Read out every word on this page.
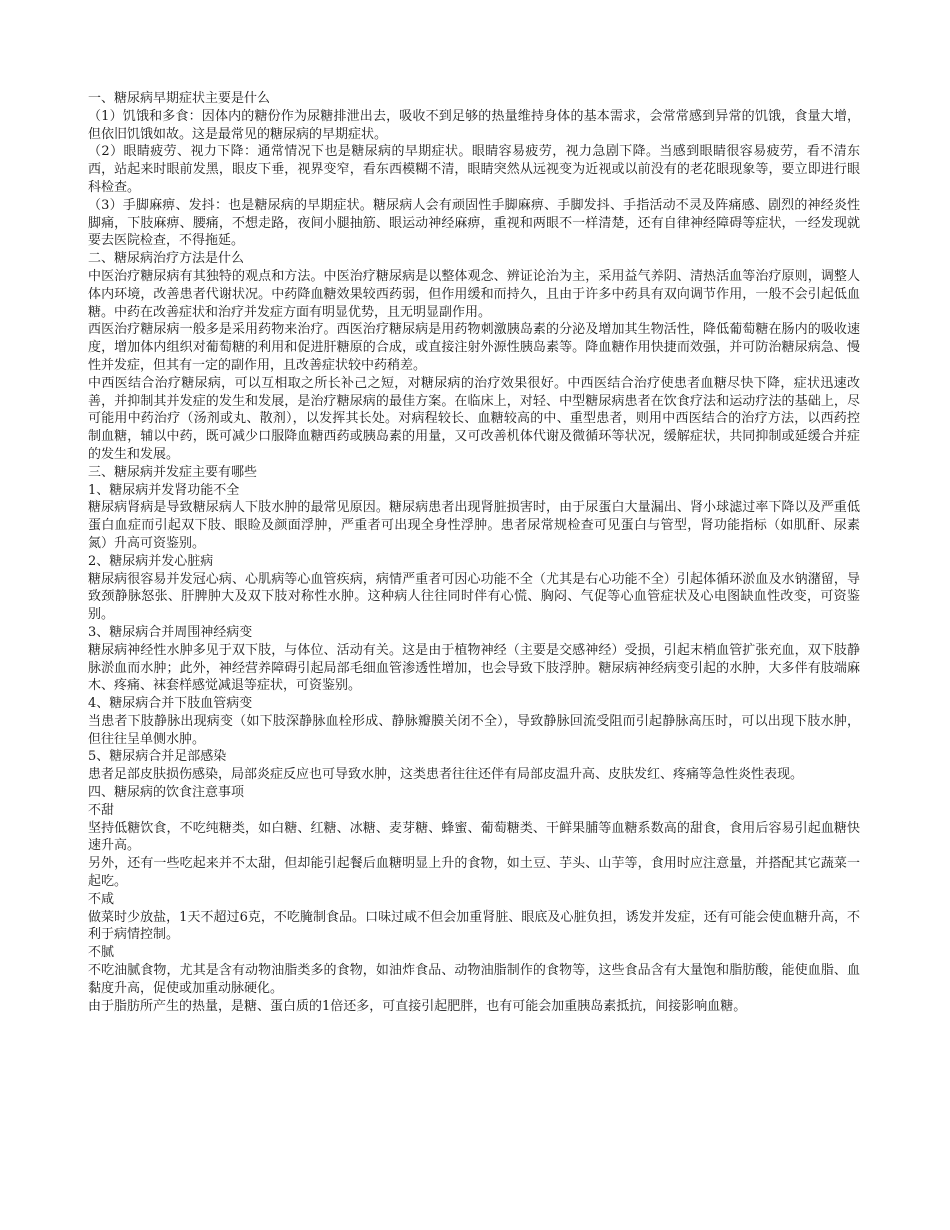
一、糖尿病早期症状主要是什么

（1）饥饿和多食：因体内的糖份作为尿糖排泄出去，吸收不到足够的热量维持身体的基本需求，会常常感到异常的饥饿，食量大增，但依旧饥饿如故。这是最常见的糖尿病的早期症状。

（2）眼睛疲劳、视力下降：通常情况下也是糖尿病的早期症状。眼睛容易疲劳，视力急剧下降。当感到眼睛很容易疲劳，看不清东西，站起来时眼前发黑，眼皮下垂，视界变窄，看东西模糊不清，眼睛突然从远视变为近视或以前没有的老花眼现象等，要立即进行眼科检查。

（3）手脚麻痹、发抖：也是糖尿病的早期症状。糖尿病人会有顽固性手脚麻痹、手脚发抖、手指活动不灵及阵痛感、剧烈的神经炎性脚痛，下肢麻痹、腰痛，不想走路，夜间小腿抽筋、眼运动神经麻痹，重视和两眼不一样清楚，还有自律神经障碍等症状，一经发现就要去医院检查，不得拖延。

二、糖尿病治疗方法是什么

中医治疗糖尿病有其独特的观点和方法。中医治疗糖尿病是以整体观念、辨证论治为主，采用益气养阴、清热活血等治疗原则，调整人体内环境，改善患者代谢状况。中药降血糖效果较西药弱，但作用缓和而持久，且由于许多中药具有双向调节作用，一般不会引起低血糖。中药在改善症状和治疗并发症方面有明显优势，且无明显副作用。

西医治疗糖尿病一般多是采用药物来治疗。西医治疗糖尿病是用药物刺激胰岛素的分泌及增加其生物活性，降低葡萄糖在肠内的吸收速度，增加体内组织对葡萄糖的利用和促进肝糖原的合成，或直接注射外源性胰岛素等。降血糖作用快捷而效强，并可防治糖尿病急、慢性并发症，但其有一定的副作用，且改善症状较中药稍差。

中西医结合治疗糖尿病，可以互相取之所长补己之短，对糖尿病的治疗效果很好。中西医结合治疗使患者血糖尽快下降，症状迅速改善，并抑制其并发症的发生和发展，是治疗糖尿病的最佳方案。在临床上，对轻、中型糖尿病患者在饮食疗法和运动疗法的基础上，尽可能用中药治疗（汤剂或丸、散剂），以发挥其长处。对病程较长、血糖较高的中、重型患者，则用中西医结合的治疗方法，以西药控制血糖，辅以中药，既可减少口服降血糖西药或胰岛素的用量，又可改善机体代谢及微循环等状况，缓解症状，共同抑制或延缓合并症的发生和发展。

三、糖尿病并发症主要有哪些
1、糖尿病并发肾功能不全

糖尿病肾病是导致糖尿病人下肢水肿的最常见原因。糖尿病患者出现肾脏损害时，由于尿蛋白大量漏出、肾小球滤过率下降以及严重低蛋白血症而引起双下肢、眼睑及颜面浮肿，严重者可出现全身性浮肿。患者尿常规检查可见蛋白与管型，肾功能指标（如肌酐、尿素氮）升高可资鉴别。

2、糖尿病并发心脏病

糖尿病很容易并发冠心病、心肌病等心血管疾病，病情严重者可因心功能不全（尤其是右心功能不全）引起体循环淤血及水钠潴留，导致颈静脉怒张、肝脾肿大及双下肢对称性水肿。这种病人往往同时伴有心慌、胸闷、气促等心血管症状及心电图缺血性改变，可资鉴别。

3、糖尿病合并周围神经病变

糖尿病神经性水肿多见于双下肢，与体位、活动有关。这是由于植物神经（主要是交感神经）受损，引起末梢血管扩张充血，双下肢静脉淤血而水肿；此外，神经营养障碍引起局部毛细血管渗透性增加，也会导致下肢浮肿。糖尿病神经病变引起的水肿，大多伴有肢端麻木、疼痛、袜套样感觉减退等症状，可资鉴别。

4、糖尿病合并下肢血管病变

当患者下肢静脉出现病变（如下肢深静脉血栓形成、静脉瓣膜关闭不全），导致静脉回流受阻而引起静脉高压时，可以出现下肢水肿，但往往呈单侧水肿。

5、糖尿病合并足部感染

患者足部皮肤损伤感染，局部炎症反应也可导致水肿，这类患者往往还伴有局部皮温升高、皮肤发红、疼痛等急性炎性表现。

四、糖尿病的饮食注意事项
不甜

坚持低糖饮食，不吃纯糖类，如白糖、红糖、冰糖、麦芽糖、蜂蜜、葡萄糖类、干鲜果脯等血糖系数高的甜食，食用后容易引起血糖快速升高。

另外，还有一些吃起来并不太甜，但却能引起餐后血糖明显上升的食物，如土豆、芋头、山芋等，食用时应注意量，并搭配其它蔬菜一起吃。

不咸

做菜时少放盐，1天不超过6克，不吃腌制食品。口味过咸不但会加重肾脏、眼底及心脏负担，诱发并发症，还有可能会使血糖升高，不利于病情控制。

不腻

不吃油腻食物，尤其是含有动物油脂类多的食物，如油炸食品、动物油脂制作的食物等，这些食品含有大量饱和脂肪酸，能使血脂、血黏度升高，促使或加重动脉硬化。

由于脂肪所产生的热量，是糖、蛋白质的1倍还多，可直接引起肥胖，也有可能会加重胰岛素抵抗，间接影响血糖。
